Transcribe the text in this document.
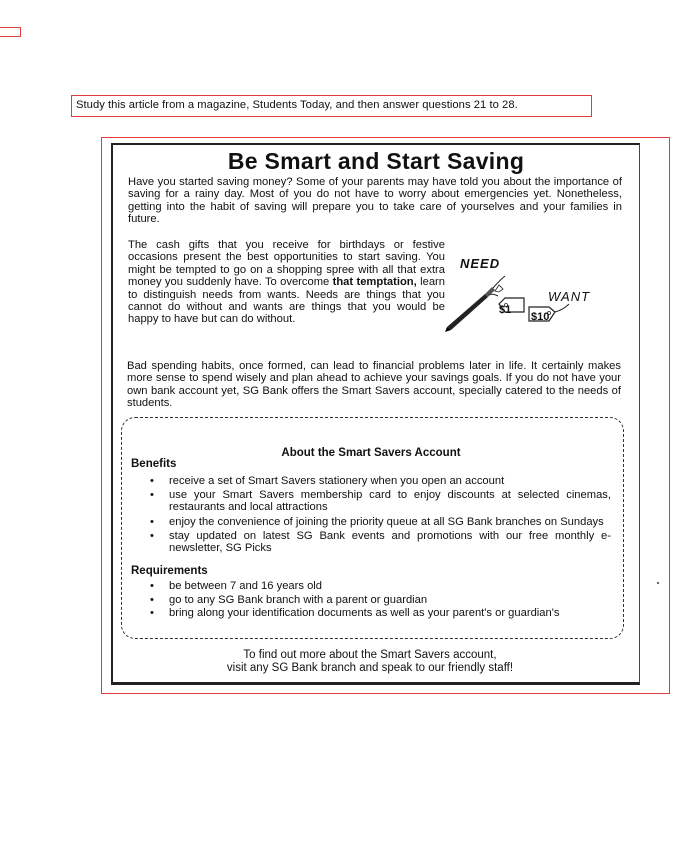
Study this article from a magazine, Students Today, and then answer questions 21 to 28.
Be Smart and Start Saving
Have you started saving money? Some of your parents may have told you about the importance of saving for a rainy day. Most of you do not have to worry about emergencies yet. Nonetheless, getting into the habit of saving will prepare you to take care of yourselves and your families in future.
The cash gifts that you receive for birthdays or festive occasions present the best opportunities to start saving. You might be tempted to go on a shopping spree with all that extra money you suddenly have. To overcome that temptation, learn to distinguish needs from wants. Needs are things that you cannot do without and wants are things that you would be happy to have but can do without.
NEED
WANT
$1
$10
Bad spending habits, once formed, can lead to financial problems later in life. It certainly makes more sense to spend wisely and plan ahead to achieve your savings goals. If you do not have your own bank account yet, SG Bank offers the Smart Savers account, specially catered to the needs of students.
About the Smart Savers Account
Benefits
• receive a set of Smart Savers stationery when you open an account
• use your Smart Savers membership card to enjoy discounts at selected cinemas, restaurants and local attractions
• enjoy the convenience of joining the priority queue at all SG Bank branches on Sundays
• stay updated on latest SG Bank events and promotions with our free monthly e-newsletter, SG Picks
Requirements
• be between 7 and 16 years old
• go to any SG Bank branch with a parent or guardian
• bring along your identification documents as well as your parent's or guardian's
To find out more about the Smart Savers account,
visit any SG Bank branch and speak to our friendly staff!
